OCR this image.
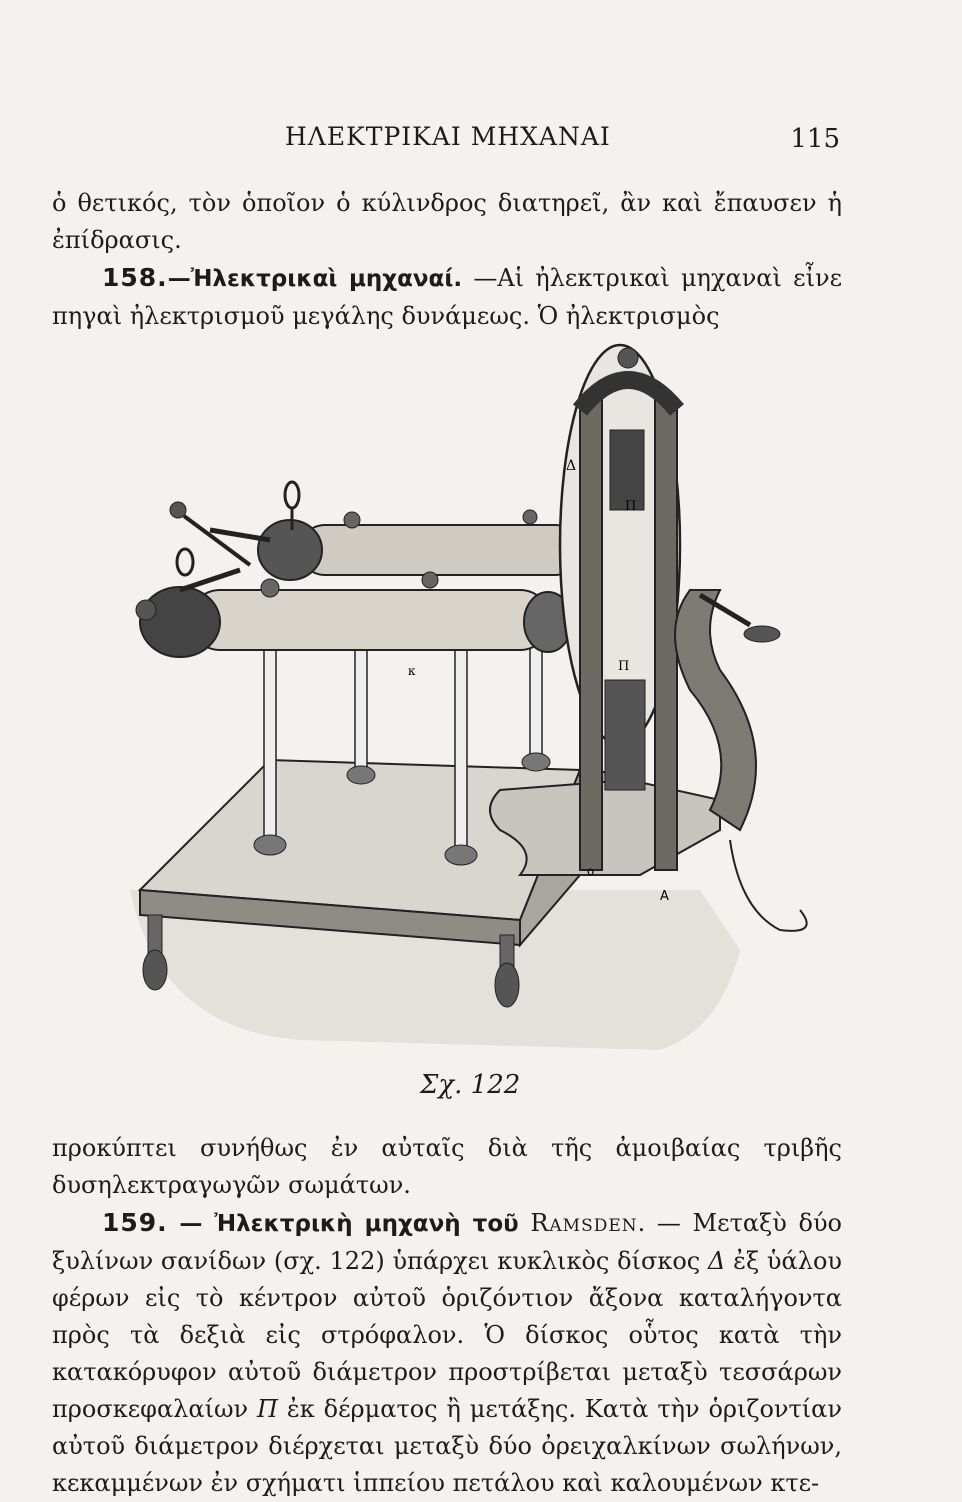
ΗΛΕΚΤΡΙΚΑΙ ΜΗΧΑΝΑΙ	115

ὁ θετικός, τὸν ὁποῖον ὁ κύλινδρος διατηρεῖ, ἂν καὶ ἔπαυσεν ἡ ἐπίδρασις.

158.—Ἠλεκτρικαὶ μηχαναί. —Αἱ ἠλεκτρικαὶ μηχαναὶ εἶνε πηγαὶ ἠλεκτρισμοῦ μεγάλης δυνάμεως. Ὁ ἠλεκτρισμὸς

Δ
Π
Π
κ
ο
Α
Σχ. 122

προκύπτει συνήθως ἐν αὐταῖς διὰ τῆς ἀμοιβαίας τριβῆς δυσηλεκτραγωγῶν σωμάτων.

159. — Ἠλεκτρικὴ μηχανὴ τοῦ Ramsden. — Μεταξὺ δύο ξυλίνων σανίδων (σχ. 122) ὑπάρχει κυκλικὸς δίσκος Δ ἐξ ὑάλου φέρων εἰς τὸ κέντρον αὐτοῦ ὁριζόντιον ἄξονα καταλήγοντα πρὸς τὰ δεξιὰ εἰς στρόφαλον. Ὁ δίσκος οὗτος κατὰ τὴν κατακόρυφον αὐτοῦ διάμετρον προστρίβεται μεταξὺ τεσσάρων προσκεφαλαίων Π ἐκ δέρματος ἢ μετάξης. Κατὰ τὴν ὁριζοντίαν αὐτοῦ διάμετρον διέρχεται μεταξὺ δύο ὀρειχαλκίνων σωλήνων, κεκαμμένων ἐν σχήματι ἱππείου πετάλου καὶ καλουμένων κτε-
